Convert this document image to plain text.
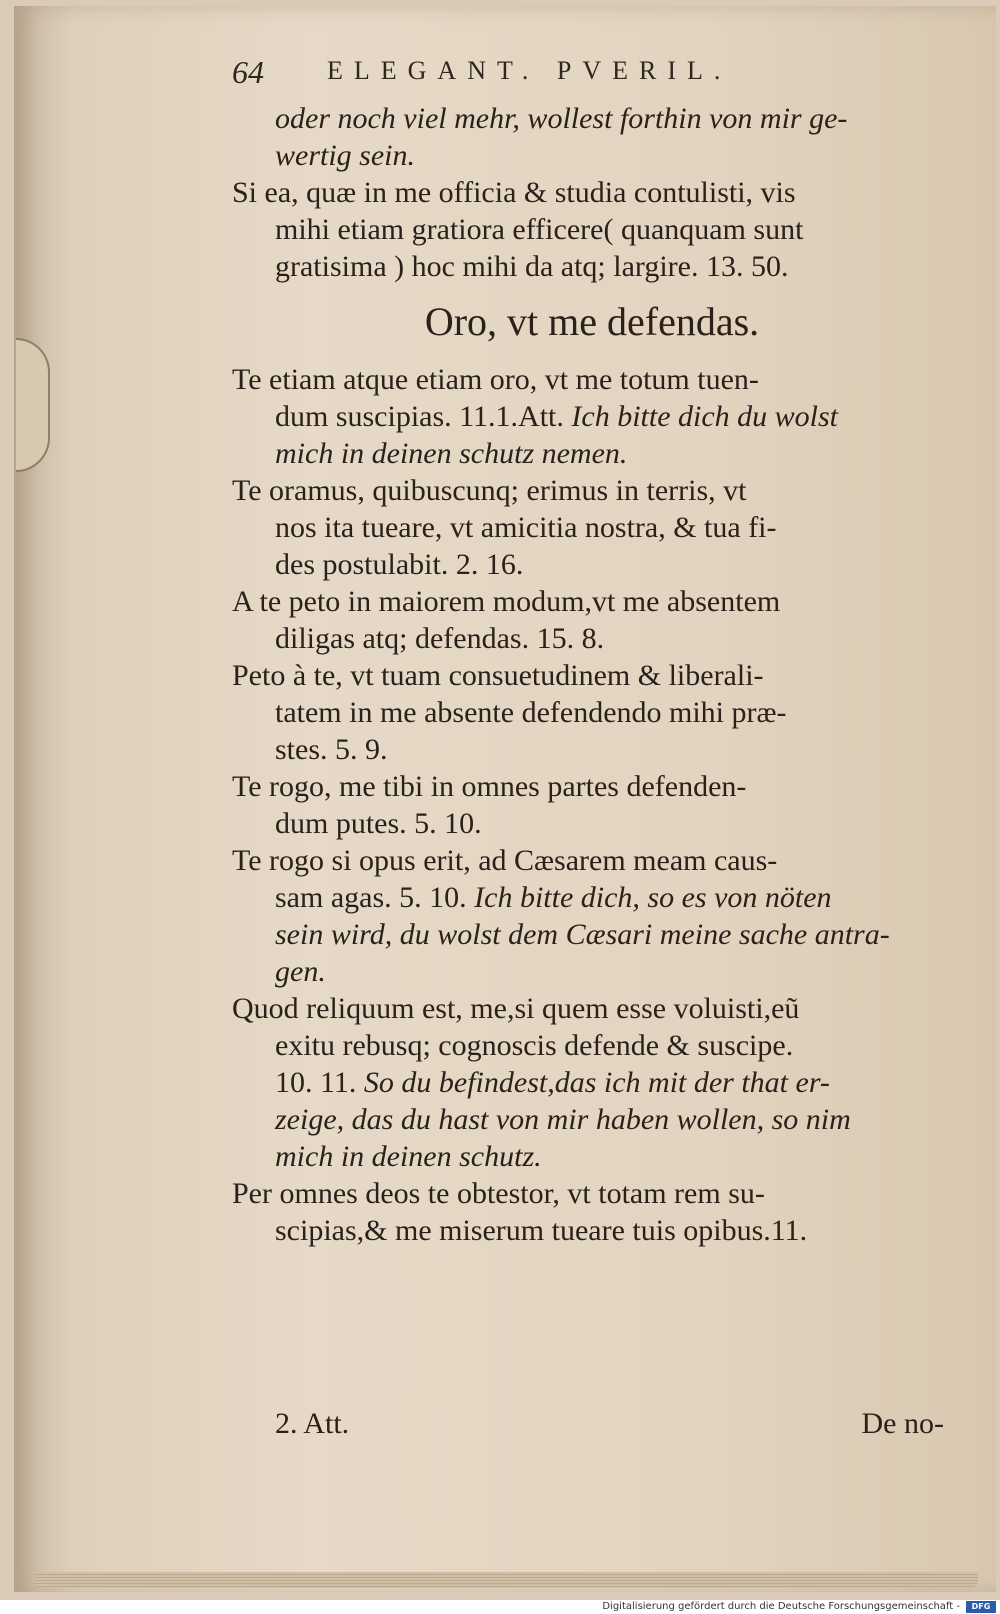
64 ELEGANT. PVERIL.
oder noch viel mehr, wollest forthin von mir ge-
wertig sein.
Si ea, quæ in me officia & studia contulisti, vis
mihi etiam gratiora efficere( quanquam sunt
gratisima ) hoc mihi da atq; largire. 13. 50.
Oro, vt me defendas.
Te etiam atque etiam oro, vt me totum tuen-
dum suscipias. 11.1.Att. Ich bitte dich du wolst
mich in deinen schutz nemen.
Te oramus, quibuscunq; erimus in terris, vt
nos ita tueare, vt amicitia nostra, & tua fi-
des postulabit. 2. 16.
A te peto in maiorem modum,vt me absentem
diligas atq; defendas. 15. 8.
Peto à te, vt tuam consuetudinem & liberali-
tatem in me absente defendendo mihi præ-
stes. 5. 9.
Te rogo, me tibi in omnes partes defenden-
dum putes. 5. 10.
Te rogo si opus erit, ad Cæsarem meam caus-
sam agas. 5. 10. Ich bitte dich, so es von nöten
sein wird, du wolst dem Cæsari meine sache antra-
gen.
Quod reliquum est, me,si quem esse voluisti,eũ
exitu rebusq; cognoscis defende & suscipe.
10. 11. So du befindest,das ich mit der that er-
zeige, das du hast von mir haben wollen, so nim
mich in deinen schutz.
Per omnes deos te obtestor, vt totam rem su-
scipias,& me miserum tueare tuis opibus.11.
2. Att.	De no-
Digitalisierung gefördert durch die Deutsche Forschungsgemeinschaft -	DFG
